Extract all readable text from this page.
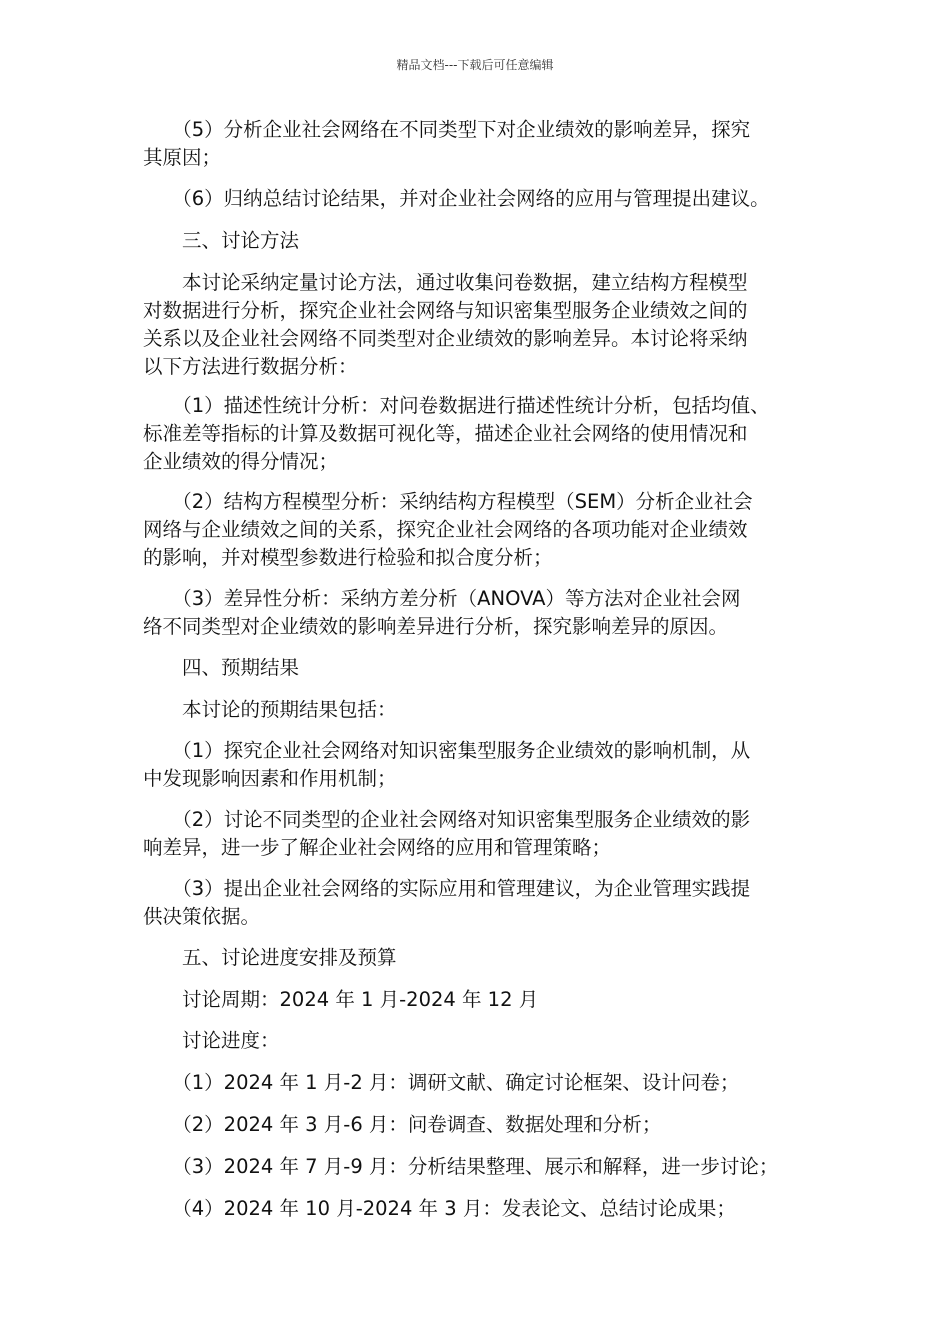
精品文档---下载后可任意编辑
　　（5）分析企业社会网络在不同类型下对企业绩效的影响差异，探究
其原因；
　　（6）归纳总结讨论结果，并对企业社会网络的应用与管理提出建议。
　　三、讨论方法
　　本讨论采纳定量讨论方法，通过收集问卷数据，建立结构方程模型
对数据进行分析，探究企业社会网络与知识密集型服务企业绩效之间的
关系以及企业社会网络不同类型对企业绩效的影响差异。本讨论将采纳
以下方法进行数据分析：
　　（1）描述性统计分析：对问卷数据进行描述性统计分析，包括均值、
标准差等指标的计算及数据可视化等，描述企业社会网络的使用情况和
企业绩效的得分情况；
　　（2）结构方程模型分析：采纳结构方程模型（SEM）分析企业社会
网络与企业绩效之间的关系，探究企业社会网络的各项功能对企业绩效
的影响，并对模型参数进行检验和拟合度分析；
　　（3）差异性分析：采纳方差分析（ANOVA）等方法对企业社会网
络不同类型对企业绩效的影响差异进行分析，探究影响差异的原因。
　　四、预期结果
　　本讨论的预期结果包括：
　　（1）探究企业社会网络对知识密集型服务企业绩效的影响机制，从
中发现影响因素和作用机制；
　　（2）讨论不同类型的企业社会网络对知识密集型服务企业绩效的影
响差异，进一步了解企业社会网络的应用和管理策略；
　　（3）提出企业社会网络的实际应用和管理建议，为企业管理实践提
供决策依据。
　　五、讨论进度安排及预算
　　讨论周期：2024 年 1 月-2024 年 12 月
　　讨论进度：
　　（1）2024 年 1 月-2 月：调研文献、确定讨论框架、设计问卷；
　　（2）2024 年 3 月-6 月：问卷调查、数据处理和分析；
　　（3）2024 年 7 月-9 月：分析结果整理、展示和解释，进一步讨论；
　　（4）2024 年 10 月-2024 年 3 月：发表论文、总结讨论成果；
